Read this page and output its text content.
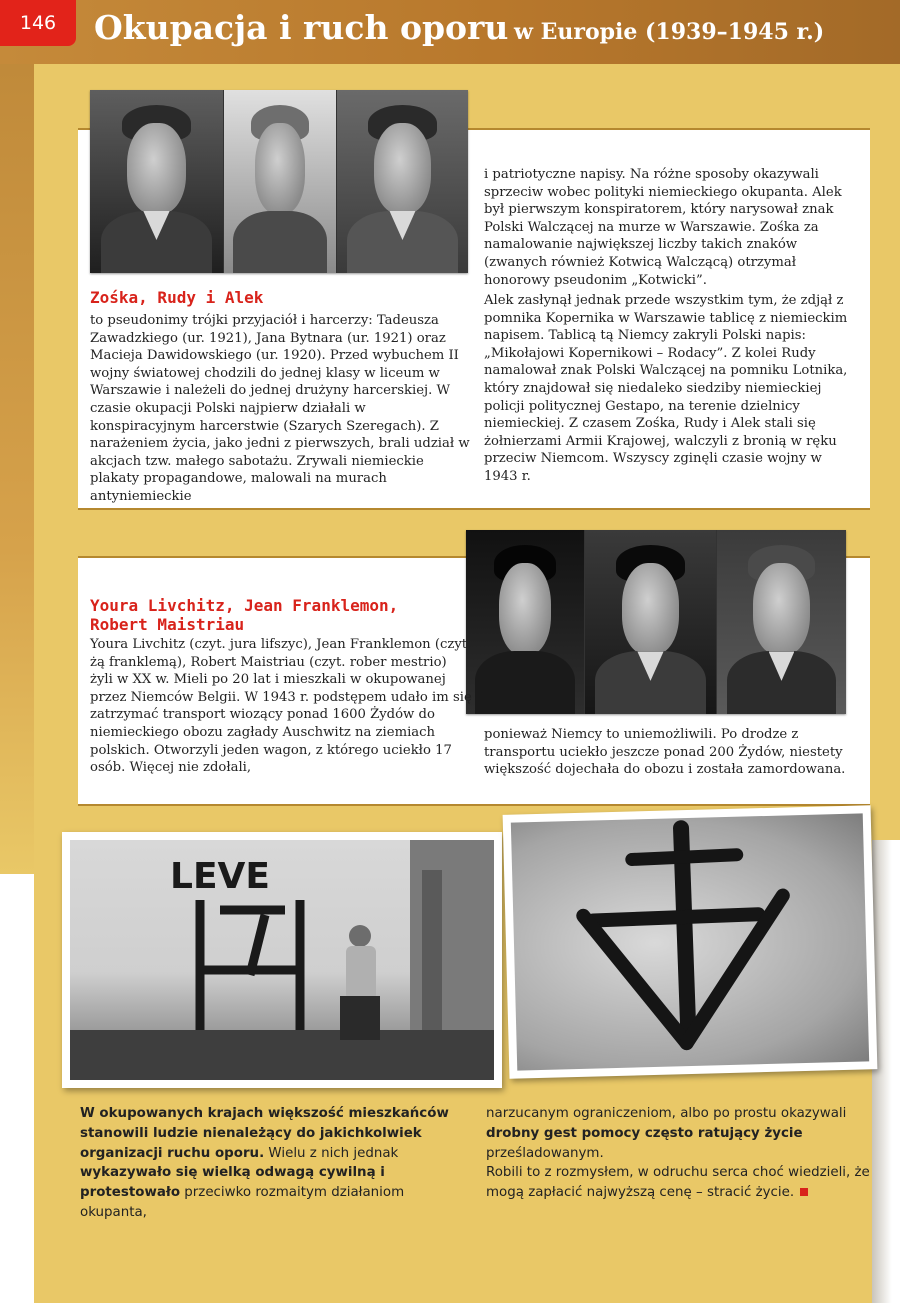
146	Okupacja i ruch oporu w Europie (1939–1945 r.)
Zośka, Rudy i Alek
to pseudonimy trójki przyjaciół i harcerzy: Tadeusza Zawadzkiego (ur. 1921), Jana Bytnara (ur. 1921) oraz Macieja Dawidowskiego (ur. 1920). Przed wybuchem II wojny światowej chodzili do jednej klasy w liceum w Warszawie i należeli do jednej drużyny harcerskiej. W czasie okupacji Polski najpierw działali w konspiracyjnym harcerstwie (Szarych Szeregach). Z narażeniem życia, jako jedni z pierwszych, brali udział w akcjach tzw. małego sabotażu. Zrywali niemieckie plakaty propagandowe, malowali na murach antyniemieckie
i patriotyczne napisy. Na różne sposoby okazywali sprzeciw wobec polityki niemieckiego okupanta. Alek był pierwszym konspiratorem, który narysował znak Polski Walczącej na murze w Warszawie. Zośka za namalowanie największej liczby takich znaków (zwanych również Kotwicą Walczącą) otrzymał honorowy pseudonim „Kotwicki”.
Alek zasłynął jednak przede wszystkim tym, że zdjął z pomnika Kopernika w Warszawie tablicę z niemieckim napisem. Tablicą tą Niemcy zakryli Polski napis: „Mikołajowi Kopernikowi – Rodacy”. Z kolei Rudy namalował znak Polski Walczącej na pomniku Lotnika, który znajdował się niedaleko siedziby niemieckiej policji politycznej Gestapo, na terenie dzielnicy niemieckiej. Z czasem Zośka, Rudy i Alek stali się żołnierzami Armii Krajowej, walczyli z bronią w ręku przeciw Niemcom. Wszyscy zginęli czasie wojny w 1943 r.
Youra Livchitz, Jean Franklemon,
Robert Maistriau
Youra Livchitz (czyt. jura lifszyc), Jean Franklemon (czyt. żą franklemą), Robert Maistriau (czyt. rober mestrio) żyli w XX w. Mieli po 20 lat i mieszkali w okupowanej przez Niemców Belgii. W 1943 r. podstępem udało im się zatrzymać transport wiozący ponad 1600 Żydów do niemieckiego obozu zagłady Auschwitz na ziemiach polskich. Otworzyli jeden wagon, z którego uciekło 17 osób. Więcej nie zdołali,
ponieważ Niemcy to uniemożliwili. Po drodze z transportu uciekło jeszcze ponad 200 Żydów, niestety większość dojechała do obozu i została zamordowana.
LEVE
W okupowanych krajach większość mieszkańców stanowili ludzie nienależący do jakichkolwiek organizacji ruchu oporu. Wielu z nich jednak wykazywało się wielką odwagą cywilną i protestowało przeciwko rozmaitym działaniom okupanta,
narzucanym ograniczeniom, albo po prostu okazywali drobny gest pomocy często ratujący życie prześladowanym.
Robili to z rozmysłem, w odruchu serca choć wiedzieli, że mogą zapłacić najwyższą cenę – stracić życie.
